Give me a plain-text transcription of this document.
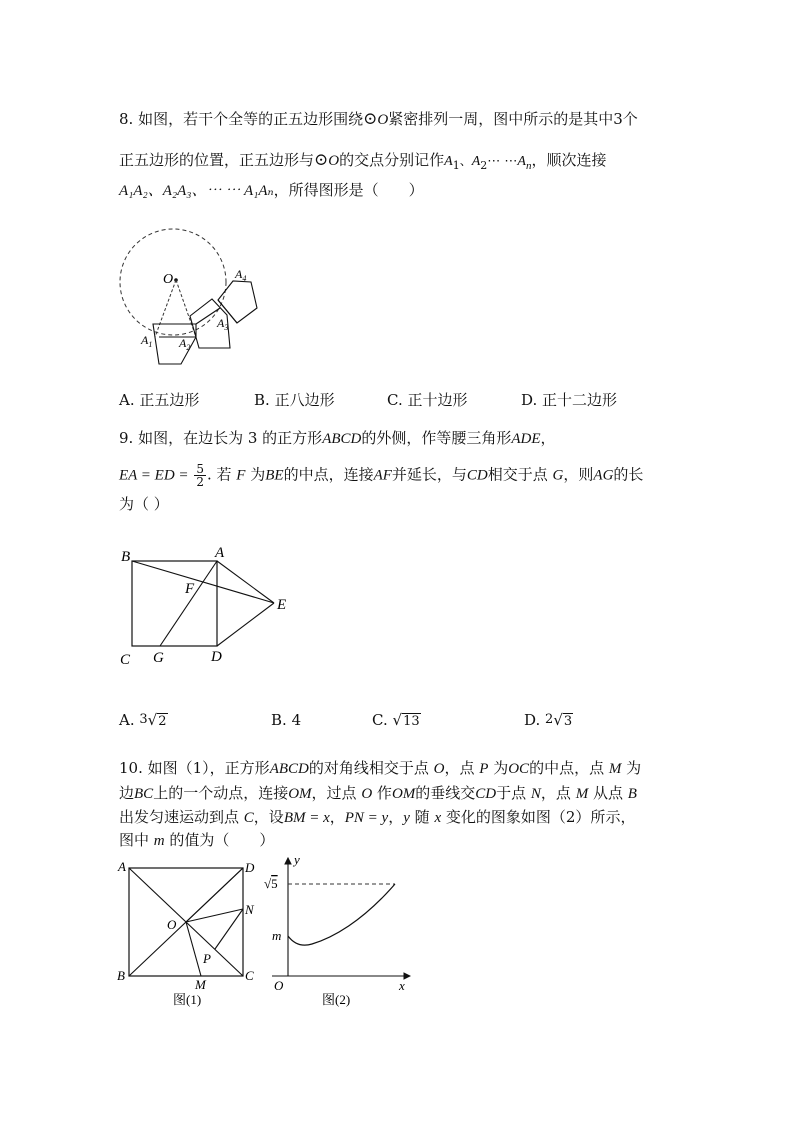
8. 如图，若干个全等的正五边形围绕⊙O紧密排列一周，图中所示的是其中3个
正五边形的位置，正五边形与⊙O的交点分别记作$A_1$、$A_2\cdots$ $\cdots A_n$，顺次连接
A₁A₂、A₂A₃、⋯ ⋯ A₁Aₙ，所得图形是（　　）
O
$A_1$ $A_2$
$A_3$
$A_4$
A. 正五边形	B. 正八边形	C. 正十边形	D. 正十二边形
9. 如图，在边长为 3 的正方形ABCD的外侧，作等腰三角形ADE，
EA = ED = $\frac{5}{2}$ . 若 F 为BE的中点，连接AF并延长，与CD相交于点 G，则AG的长
为（ ）
B	A
F
E
C G	D
A. 3√2	B. 4	C. √13	D. 2√3
10. 如图（1），正方形ABCD的对角线相交于点 O，点 P 为OC的中点，点 M 为
边BC上的一个动点，连接OM，过点 O 作OM的垂线交CD于点 N，点 M 从点 B
出发匀速运动到点 C，设BM = x，PN = y，y 随 x 变化的图象如图（2）所示，
图中 m 的值为（　　）
A	D
O
N
P
B
M
C
图(1)
y
√5
m
O	x
图(2)
